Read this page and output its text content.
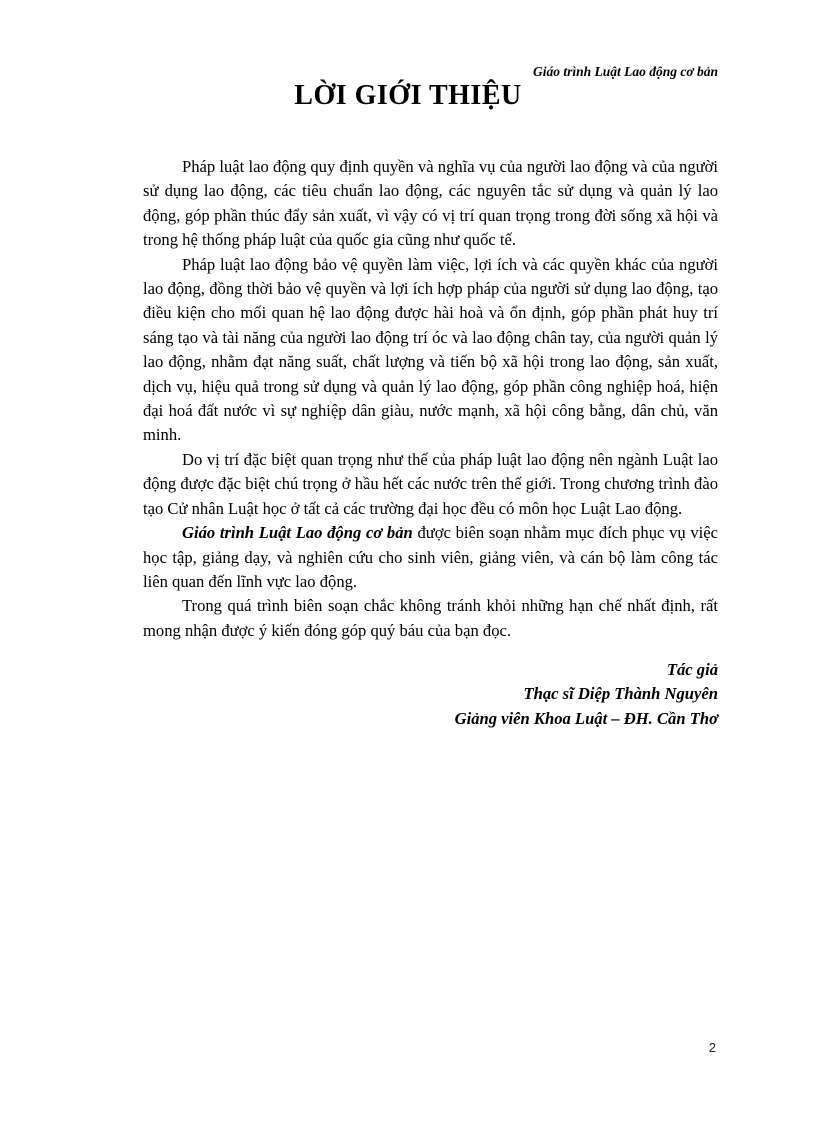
Giáo trình Luật Lao động cơ bản
LỜI GIỚI THIỆU

Pháp luật lao động quy định quyền và nghĩa vụ của người lao động và của người sử dụng lao động, các tiêu chuẩn lao động, các nguyên tắc sử dụng và quản lý lao động, góp phần thúc đẩy sản xuất, vì vậy có vị trí quan trọng trong đời sống xã hội và trong hệ thống pháp luật của quốc gia cũng như quốc tế.

Pháp luật lao động bảo vệ quyền làm việc, lợi ích và các quyền khác của người lao động, đồng thời bảo vệ quyền và lợi ích hợp pháp của người sử dụng lao động, tạo điều kiện cho mối quan hệ lao động được hài hoà và ổn định, góp phần phát huy trí sáng tạo và tài năng của người lao động trí óc và lao động chân tay, của người quản lý lao động, nhằm đạt năng suất, chất lượng và tiến bộ xã hội trong lao động, sản xuất, dịch vụ, hiệu quả trong sử dụng và quản lý lao động, góp phần công nghiệp hoá, hiện đại hoá đất nước vì sự nghiệp dân giàu, nước mạnh, xã hội công bằng, dân chủ, văn minh.

Do vị trí đặc biệt quan trọng như thế của pháp luật lao động nên ngành Luật lao động được đặc biệt chú trọng ở hầu hết các nước trên thế giới. Trong chương trình đào tạo Cử nhân Luật học ở tất cả các trường đại học đều có môn học Luật Lao động.

Giáo trình Luật Lao động cơ bản được biên soạn nhằm mục đích phục vụ việc học tập, giảng dạy, và nghiên cứu cho sinh viên, giảng viên, và cán bộ làm công tác liên quan đến lĩnh vực lao động.

Trong quá trình biên soạn chắc không tránh khỏi những hạn chế nhất định, rất mong nhận được ý kiến đóng góp quý báu của bạn đọc.

Tác giả
Thạc sĩ Diệp Thành Nguyên
Giảng viên Khoa Luật – ĐH. Cần Thơ
2
